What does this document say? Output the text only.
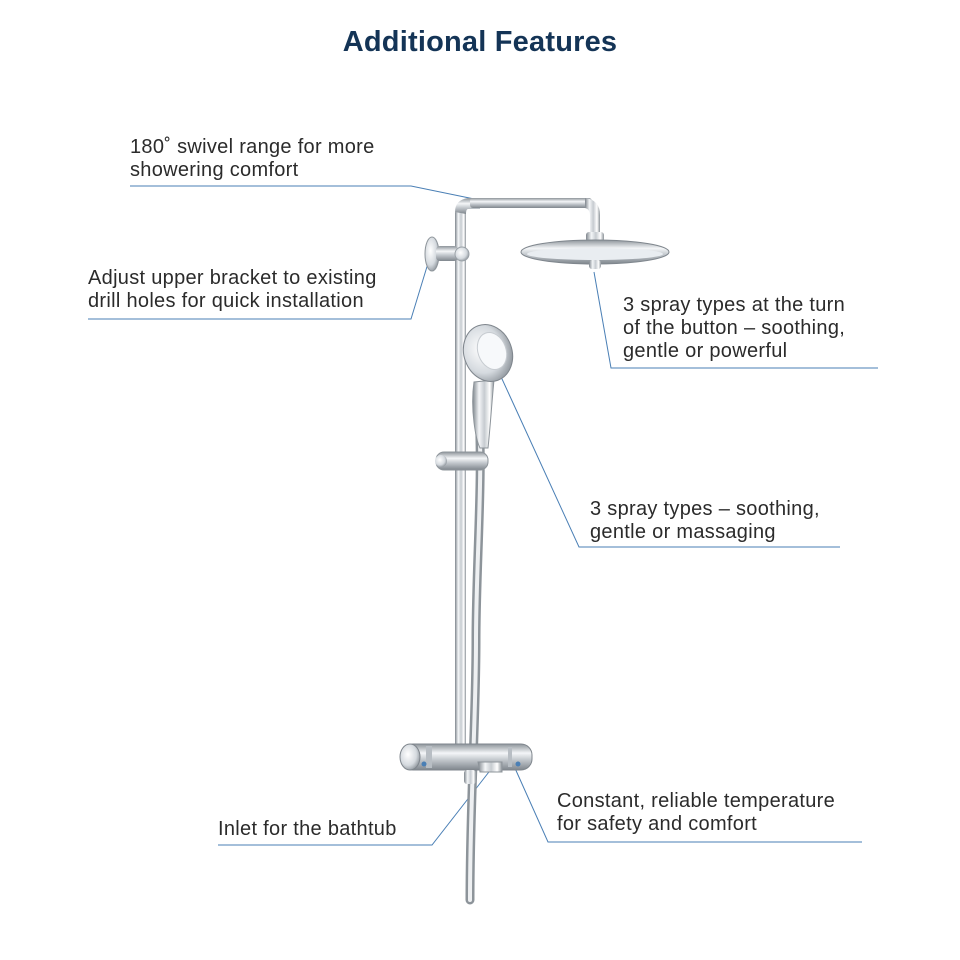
Additional Features
180˚ swivel range for more
showering comfort
Adjust upper bracket to existing
drill holes for quick installation	3 spray types at the turn
of the button – soothing,
gentle or powerful
3 spray types – soothing,
gentle or massaging
Inlet for the bathtub
Constant, reliable temperature
for safety and comfort
